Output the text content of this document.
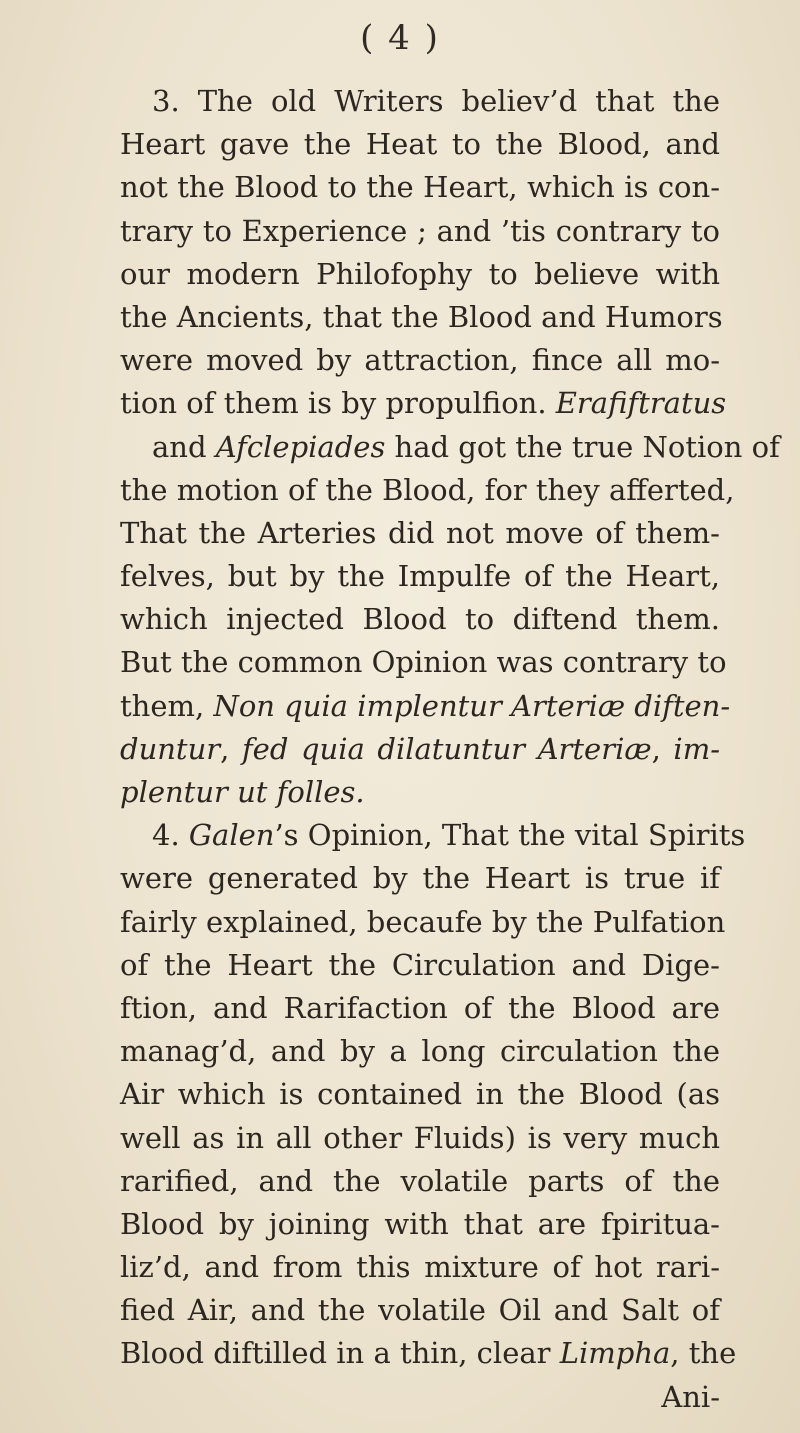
( 4 )
3. The old Writers believ’d that the
Heart gave the Heat to the Blood, and
not the Blood to the Heart, which is con-
trary to Experience ; and ’tis contrary to
our modern Philofophy to believe with
the Ancients, that the Blood and Humors
were moved by attraction, fince all mo-
tion of them is by propulfion. Erafiftratus
and Afclepiades had got the true Notion of
the motion of the Blood, for they afferted,
That the Arteries did not move of them-
felves, but by the Impulfe of the Heart,
which injected Blood to diftend them.
But the common Opinion was contrary to
them, Non quia implentur Arteriæ diften-
duntur, fed quia dilatuntur Arteriæ, im-
plentur ut folles.
4. Galen’s Opinion, That the vital Spirits
were generated by the Heart is true if
fairly explained, becaufe by the Pulfation
of the Heart the Circulation and Dige-
ftion, and Rarifaction of the Blood are
manag’d, and by a long circulation the
Air which is contained in the Blood (as
well as in all other Fluids) is very much
rarified, and the volatile parts of the
Blood by joining with that are fpiritua-
liz’d, and from this mixture of hot rari-
fied Air, and the volatile Oil and Salt of
Blood diftilled in a thin, clear Limpha, the
Ani-
